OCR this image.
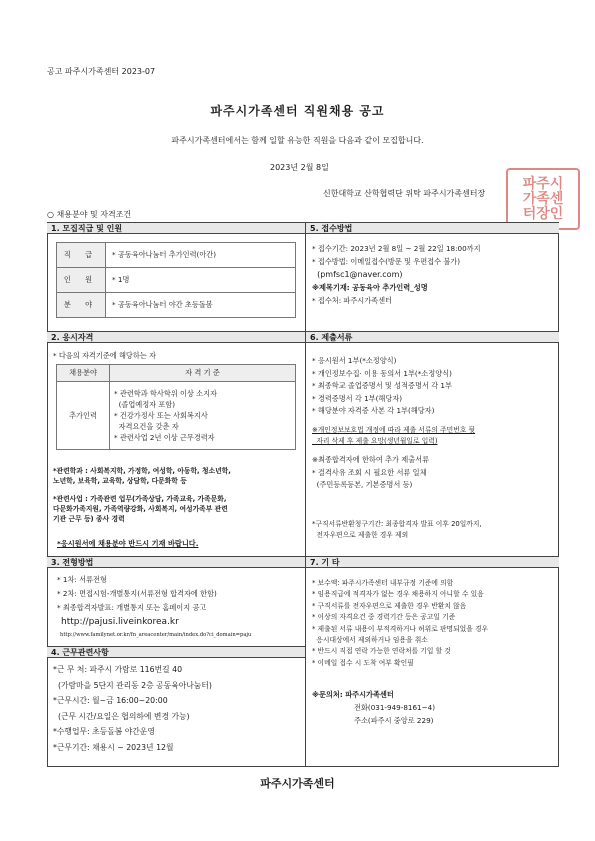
공고 파주시가족센터 2023-07
파주시가족센터 직원채용 공고
파주시가족센터에서는 함께 일할 유능한 직원을 다음과 같이 모집합니다.
2023년 2월 8일
신한대학교 산학협력단 위탁 파주시가족센터장
파주시
가족센
터장인
○ 채용분야 및 자격조건
1. 모집직급 및 인원
직 급	* 공동육아나눔터 추가인력(아간)
인 원	* 1명
분 야	* 공동육아나눔터 야간 초등돌봄
2. 응시자격
* 다음의 자격기준에 해당하는 자
채용분야	자 격 기 준
추가인력	* 관련학과 학사학위 이상 소지자
(졸업예정자 포함)
* 건강가정사 또는 사회복지사
자격요건을 갖춘 자
* 관련사업 2년 이상 근무경력자

*관련학과 : 사회복지학, 가정학, 여성학, 아동학, 청소년학,

노년학, 보육학, 교육학, 상담학, 다문화학 등

*관련사업 : 가족관련 업무(가족상담, 가족교육, 가족문화,

다문화가족지원, 가족역량강화, 사회복지, 여성가족부 관련

기관 근무 등) 종사 경력

*응시원서에 채용분야 반드시 기재 바랍니다.
3. 전형방법

* 1차: 서류전형

* 2차: 면접시험-개별통지(서류전형 합격자에 한함)

* 최종합격자발표: 개별통지 또는 홈페이지 공고

http://pajusi.liveinkorea.kr

http://www.familynet.or.kr/fn_areacenter/main/index.do?ci_domain=paju
4. 근무관련사항

*근 무 처: 파주시 가람로 116번길 40

(가람마을 5단지 관리동 2층 공동육아나눔터)

*근무시간: 월~금 16:00~20:00

(근무 시간/요일은 협의하에 변경 가능)

*수행업무: 초등돌봄 야간운영

*근무기간: 채용시 ~ 2023년 12월

5. 접수방법

* 접수기간: 2023년 2월 8일 ~ 2월 22일 18:00까지

* 접수방법: 이메일접수(방문 및 우편접수 불가)

(pmfsc1@naver.com)

※제목기재: 공동육아 추가인력_성명

* 접수처: 파주시가족센터

6. 제출서류

* 응시원서 1부(*소정양식)

* 개인정보수집· 이용 동의서 1부(*소정양식)

* 최종학교 졸업증명서 및 성적증명서 각 1부

* 경력증명서 각 1부(해당자)

* 해당분야 자격증 사본 각 1부(해당자)

※개인정보보호법 개정에 따라 제출 서류의 주민번호 뒷

자리 삭제 후 제출 요망(생년월일로 입력)

※최종합격자에 한하여 추가 제출서류

* 결격사유 조회 시 필요한 서류 일체

(주민등록등본, 기본증명서 등)

*구직서류반환청구기간: 최종합격자 발표 이후 20일까지,

전자우편으로 제출한 경우 제외

7. 기 타

* 보수액: 파주시가족센터 내부규정 기준에 의함

* 임용직급에 적격자가 없는 경우 채용하지 아니할 수 있음

* 구직서류를 전자우편으로 제출한 경우 반환치 않음

* 이상의 자격요건 중 경력기간 등은 공고일 기준

* 제출된 서류 내용이 부적격하거나 허위로 판명되었을 경우

응시대상에서 제외하거나 임용을 취소

* 반드시 직접 연락 가능한 연락처를 기입 할 것

* 이메일 접수 시 도착 여부 확인필

※문의처: 파주시가족센터

전화(031-949-8161~4)

주소(파주시 중앙로 229)

파주시가족센터
